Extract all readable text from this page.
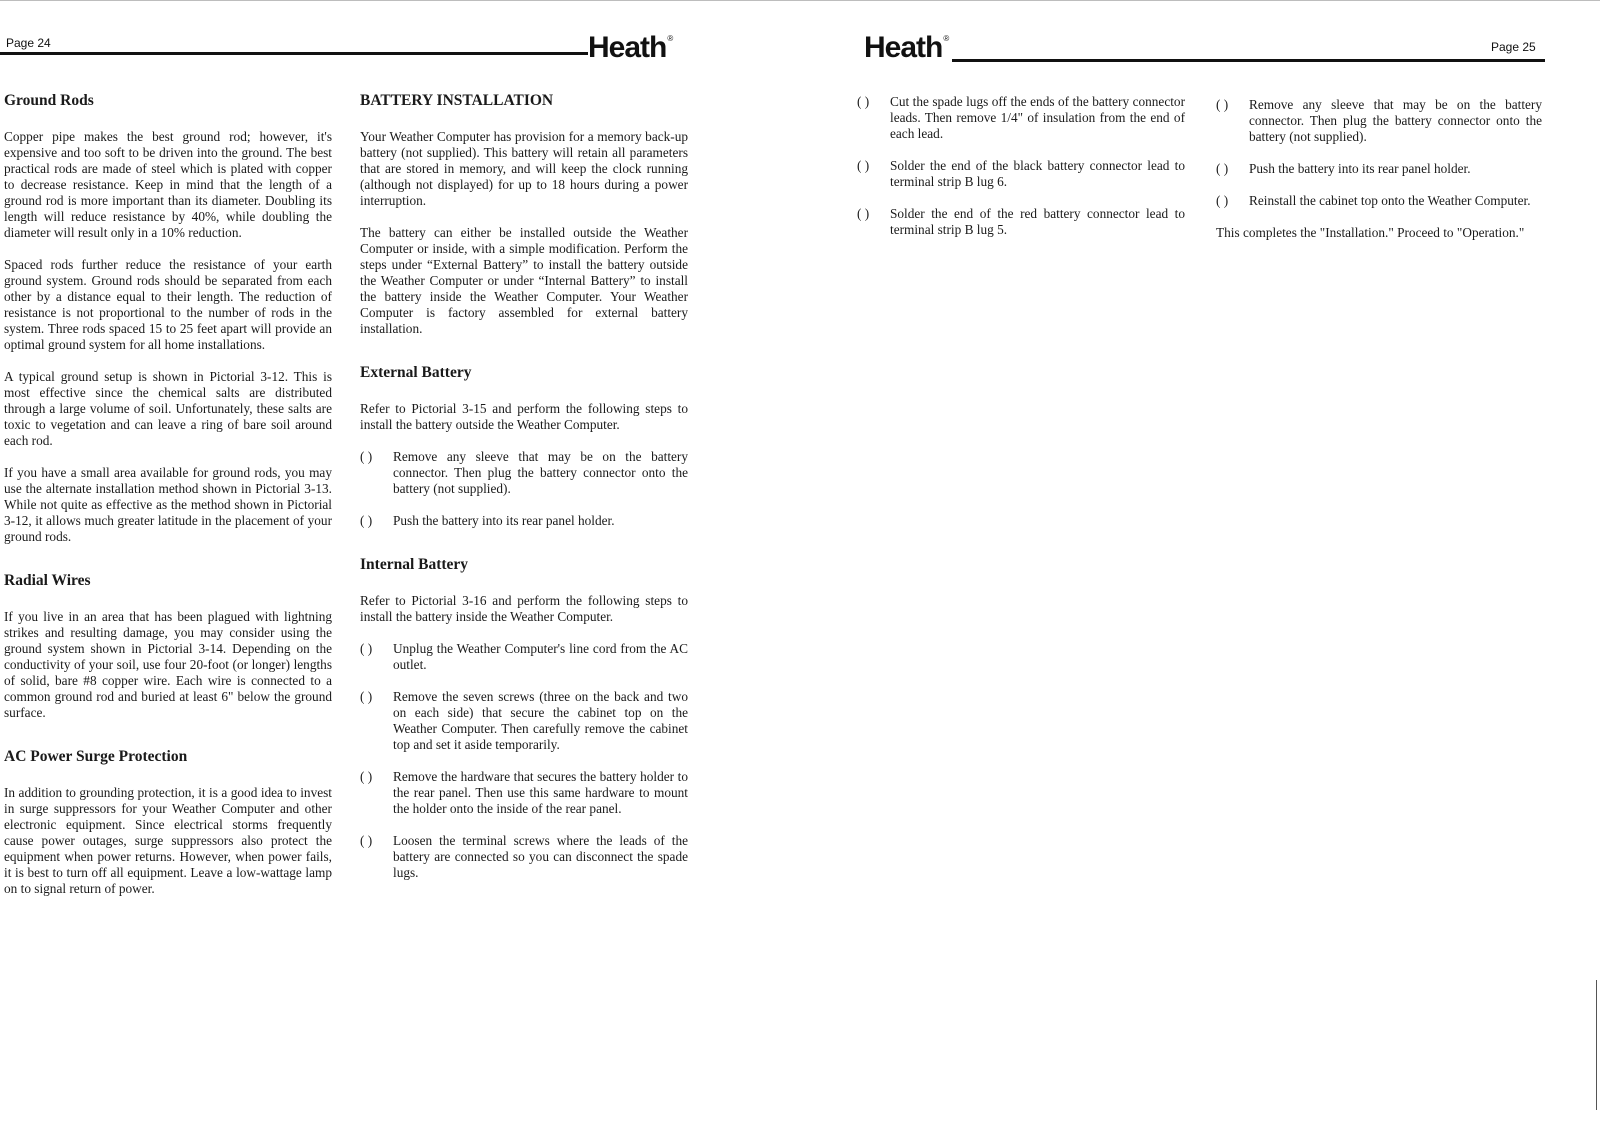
Page 24	Heath®	Heath®
Page 25
Ground Rods

Copper pipe makes the best ground rod; however, it's expensive and too soft to be driven into the ground. The best practical rods are made of steel which is plated with copper to decrease resistance. Keep in mind that the length of a ground rod is more important than its diameter. Doubling its length will reduce resistance by 40%, while doubling the diameter will result only in a 10% reduction.

Spaced rods further reduce the resistance of your earth ground system. Ground rods should be separated from each other by a distance equal to their length. The reduction of resistance is not proportional to the number of rods in the system. Three rods spaced 15 to 25 feet apart will provide an optimal ground system for all home installations.

A typical ground setup is shown in Pictorial 3-12. This is most effective since the chemical salts are distributed through a large volume of soil. Unfortunately, these salts are toxic to vegetation and can leave a ring of bare soil around each rod.

If you have a small area available for ground rods, you may use the alternate installation method shown in Pictorial 3-13. While not quite as effective as the method shown in Pictorial 3-12, it allows much greater latitude in the placement of your ground rods.

Radial Wires

If you live in an area that has been plagued with lightning strikes and resulting damage, you may consider using the ground system shown in Pictorial 3-14. Depending on the conductivity of your soil, use four 20-foot (or longer) lengths of solid, bare #8 copper wire. Each wire is connected to a common ground rod and buried at least 6" below the ground surface.

AC Power Surge Protection

In addition to grounding protection, it is a good idea to invest in surge suppressors for your Weather Computer and other electronic equipment. Since electrical storms frequently cause power outages, surge suppressors also protect the equipment when power returns. However, when power fails, it is best to turn off all equipment. Leave a low-wattage lamp on to signal return of power.

BATTERY INSTALLATION

Your Weather Computer has provision for a memory back-up battery (not supplied). This battery will retain all parameters that are stored in memory, and will keep the clock running (although not displayed) for up to 18 hours during a power interruption.

The battery can either be installed outside the Weather Computer or inside, with a simple modification. Perform the steps under “External Battery” to install the battery outside the Weather Computer or under “Internal Battery” to install the battery inside the Weather Computer. Your Weather Computer is factory assembled for external battery installation.

External Battery

Refer to Pictorial 3-15 and perform the following steps to install the battery outside the Weather Computer.

( )	Remove any sleeve that may be on the battery connector. Then plug the battery connector onto the battery (not supplied).
( )	Push the battery into its rear panel holder.
Internal Battery

Refer to Pictorial 3-16 and perform the following steps to install the battery inside the Weather Computer.

( )	Unplug the Weather Computer's line cord from the AC outlet.
( )	Remove the seven screws (three on the back and two on each side) that secure the cabinet top on the Weather Computer. Then carefully remove the cabinet top and set it aside temporarily.
( )	Remove the hardware that secures the battery holder to the rear panel. Then use this same hardware to mount the holder onto the inside of the rear panel.
( )	Loosen the terminal screws where the leads of the battery are connected so you can disconnect the spade lugs.
( )	Cut the spade lugs off the ends of the battery connector leads. Then remove 1/4" of insulation from the end of each lead.
( )	Solder the end of the black battery connector lead to terminal strip B lug 6.
( )	Solder the end of the red battery connector lead to terminal strip B lug 5.
( )	Remove any sleeve that may be on the battery connector. Then plug the battery connector onto the battery (not supplied).
( )	Push the battery into its rear panel holder.
( )	Reinstall the cabinet top onto the Weather Computer.

This completes the "Installation." Proceed to "Operation."
